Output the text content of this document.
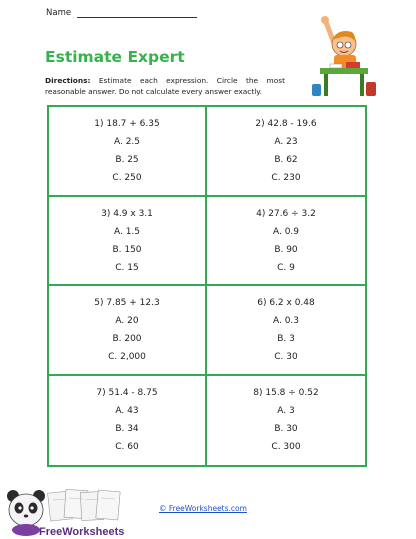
Name
Estimate Expert
Directions: Estimate each expression. Circle the most reasonable answer. Do not calculate every answer exactly.
1) 18.7 + 6.35
A. 2.5
B. 25
C. 250
2) 42.8 - 19.6
A. 23
B. 62
C. 230
3) 4.9 x 3.1
A. 1.5
B. 150
C. 15
4) 27.6 ÷ 3.2
A. 0.9
B. 90
C. 9
5) 7.85 + 12.3
A. 20
B. 200
C. 2,000
6) 6.2 x 0.48
A. 0.3
B. 3
C. 30
7) 51.4 - 8.75
A. 43
B. 34
C. 60
8) 15.8 ÷ 0.52
A. 3
B. 30
C. 300
FreeWorksheets
© FreeWorksheets.com
